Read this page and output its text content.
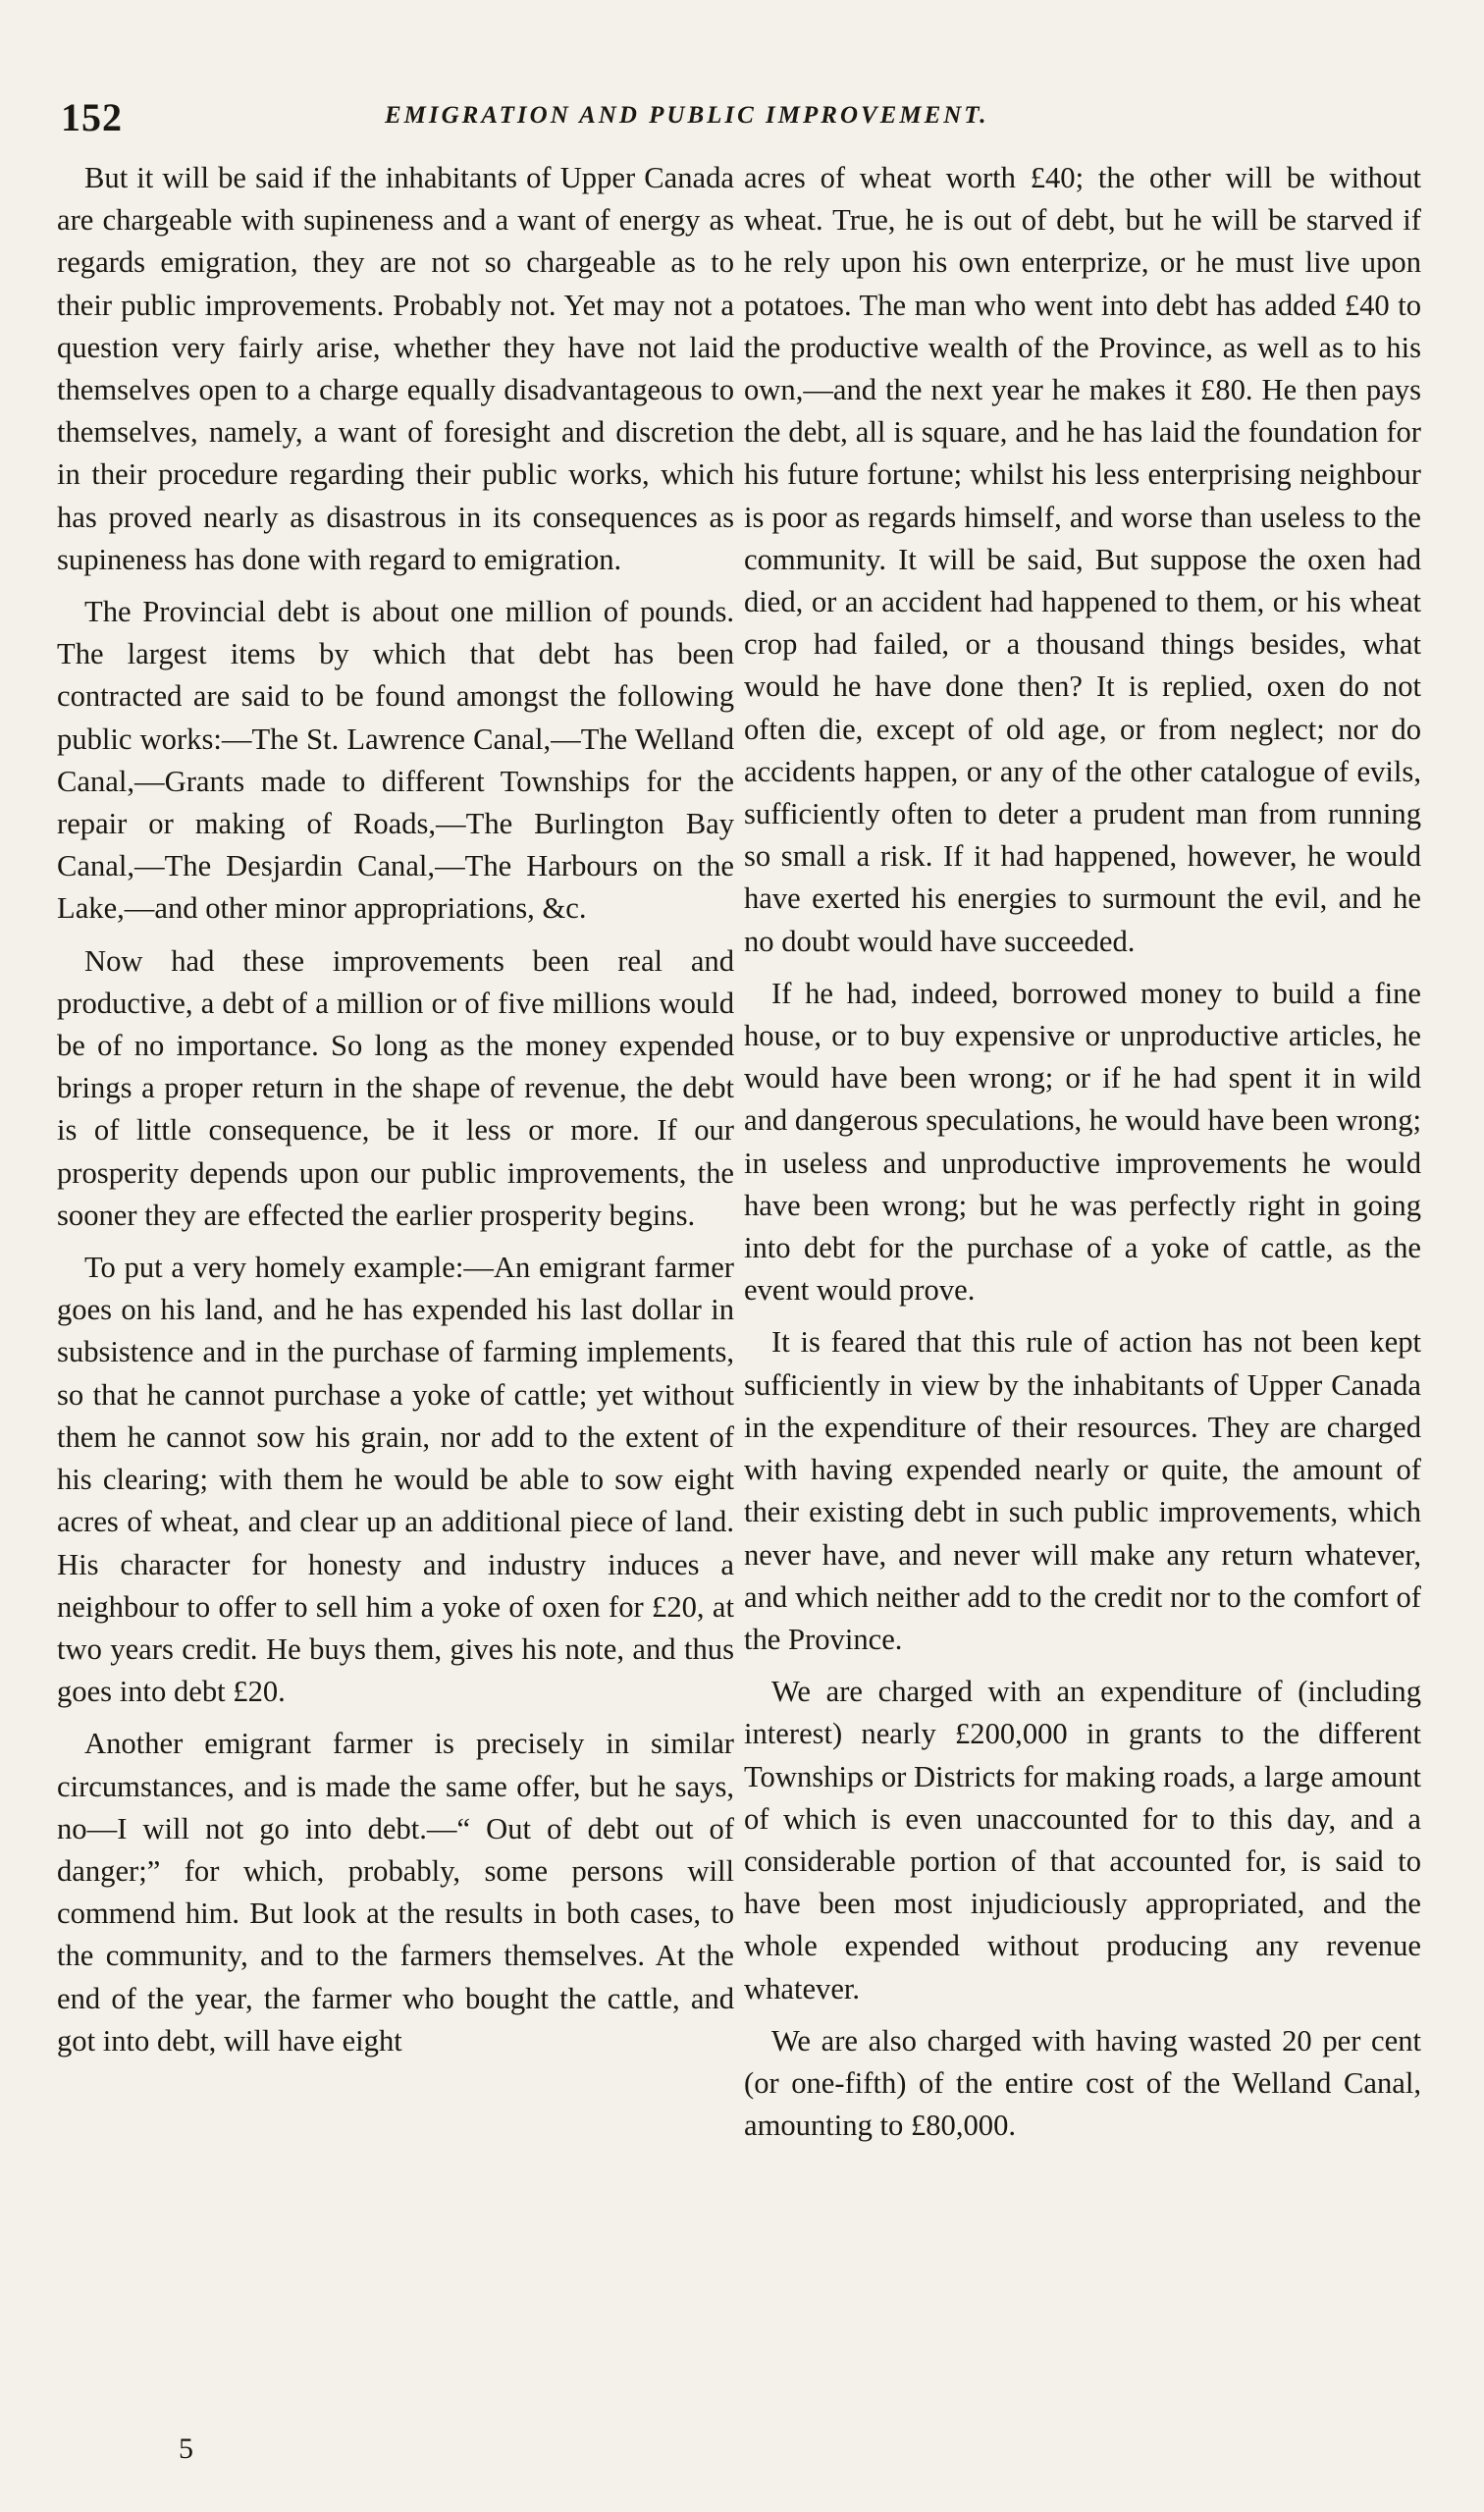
152	EMIGRATION AND PUBLIC IMPROVEMENT.

But it will be said if the inhabitants of Upper Canada are chargeable with supineness and a want of energy as regards emigration, they are not so chargeable as to their public improvements. Probably not. Yet may not a question very fairly arise, whether they have not laid themselves open to a charge equally disadvantageous to themselves, namely, a want of foresight and discretion in their procedure regarding their public works, which has proved nearly as disastrous in its consequences as supineness has done with regard to emigration.

The Provincial debt is about one million of pounds. The largest items by which that debt has been contracted are said to be found amongst the following public works:—The St. Lawrence Canal,—The Welland Canal,—Grants made to different Townships for the repair or making of Roads,—The Burlington Bay Canal,—The Desjardin Canal,—The Harbours on the Lake,—and other minor appropriations, &c.

Now had these improvements been real and productive, a debt of a million or of five millions would be of no importance. So long as the money expended brings a proper return in the shape of revenue, the debt is of little consequence, be it less or more. If our prosperity depends upon our public improvements, the sooner they are effected the earlier prosperity begins.

To put a very homely example:—An emigrant farmer goes on his land, and he has expended his last dollar in subsistence and in the purchase of farming implements, so that he cannot purchase a yoke of cattle; yet without them he cannot sow his grain, nor add to the extent of his clearing; with them he would be able to sow eight acres of wheat, and clear up an additional piece of land. His character for honesty and industry induces a neighbour to offer to sell him a yoke of oxen for £20, at two years credit. He buys them, gives his note, and thus goes into debt £20.

Another emigrant farmer is precisely in similar circumstances, and is made the same offer, but he says, no—I will not go into debt.—“ Out of debt out of danger;” for which, probably, some persons will commend him. But look at the results in both cases, to the community, and to the farmers themselves. At the end of the year, the farmer who bought the cattle, and got into debt, will have eight

acres of wheat worth £40; the other will be without wheat. True, he is out of debt, but he will be starved if he rely upon his own enterprize, or he must live upon potatoes. The man who went into debt has added £40 to the productive wealth of the Province, as well as to his own,—and the next year he makes it £80. He then pays the debt, all is square, and he has laid the foundation for his future fortune; whilst his less enterprising neighbour is poor as regards himself, and worse than useless to the community. It will be said, But suppose the oxen had died, or an accident had happened to them, or his wheat crop had failed, or a thousand things besides, what would he have done then? It is replied, oxen do not often die, except of old age, or from neglect; nor do accidents happen, or any of the other catalogue of evils, sufficiently often to deter a prudent man from running so small a risk. If it had happened, however, he would have exerted his energies to surmount the evil, and he no doubt would have succeeded.

If he had, indeed, borrowed money to build a fine house, or to buy expensive or unproductive articles, he would have been wrong; or if he had spent it in wild and dangerous speculations, he would have been wrong; in useless and unproductive improvements he would have been wrong; but he was perfectly right in going into debt for the purchase of a yoke of cattle, as the event would prove.

It is feared that this rule of action has not been kept sufficiently in view by the inhabitants of Upper Canada in the expenditure of their resources. They are charged with having expended nearly or quite, the amount of their existing debt in such public improvements, which never have, and never will make any return whatever, and which neither add to the credit nor to the comfort of the Province.

We are charged with an expenditure of (including interest) nearly £200,000 in grants to the different Townships or Districts for making roads, a large amount of which is even unaccounted for to this day, and a considerable portion of that accounted for, is said to have been most injudiciously appropriated, and the whole expended without producing any revenue whatever.

We are also charged with having wasted 20 per cent (or one-fifth) of the entire cost of the Welland Canal, amounting to £80,000.

5
